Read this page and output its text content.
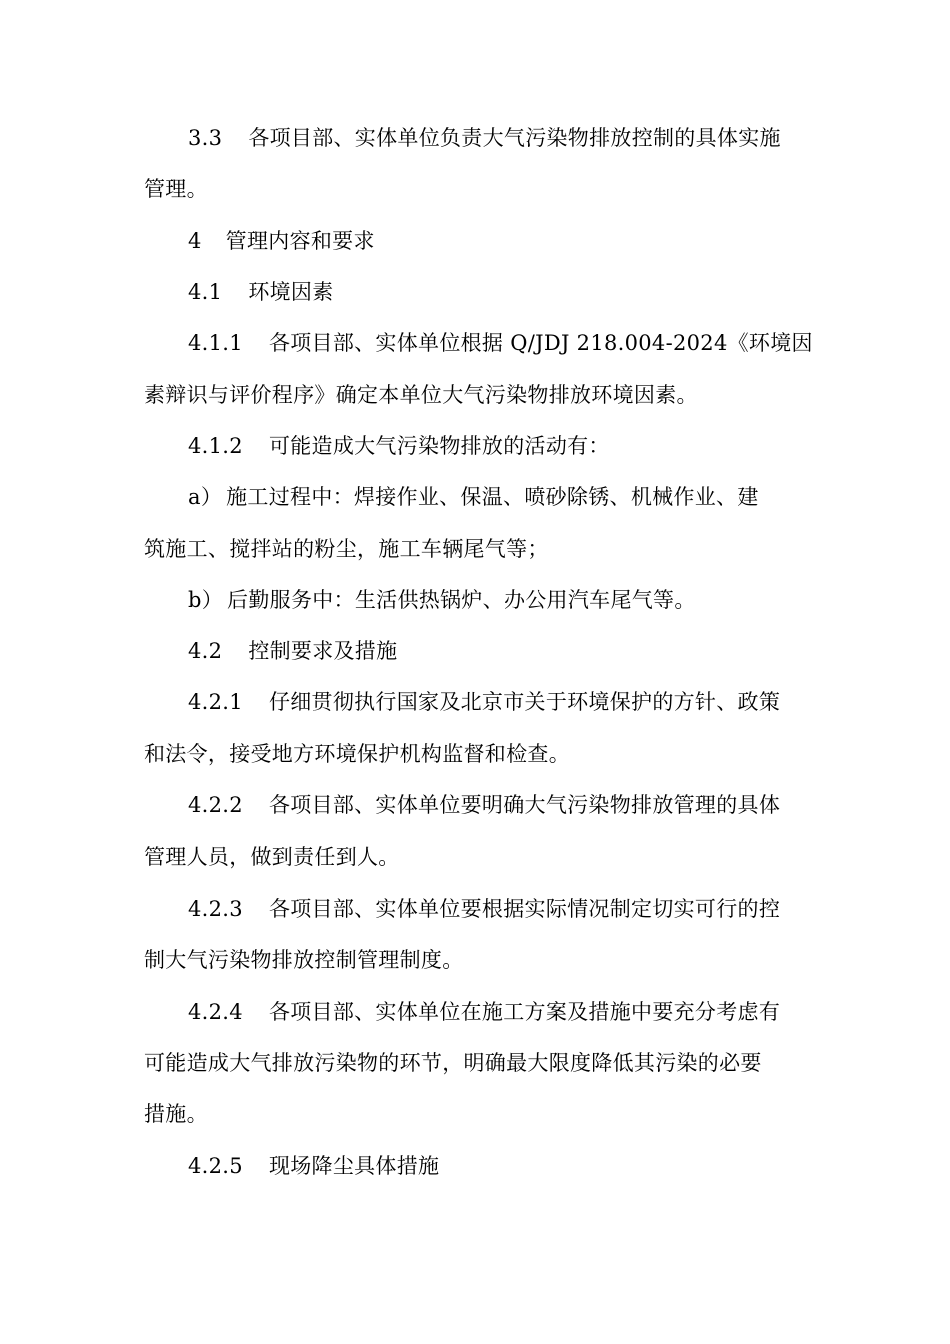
3.3 各项目部、实体单位负责大气污染物排放控制的具体实施
管理。
4 管理内容和要求
4.1 环境因素
4.1.1 各项目部、实体单位根据 Q/JDJ 218.004-2024《环境因
素辩识与评价程序》确定本单位大气污染物排放环境因素。
4.1.2 可能造成大气污染物排放的活动有：
a） 施工过程中：焊接作业、保温、喷砂除锈、机械作业、建
筑施工、搅拌站的粉尘，施工车辆尾气等；
b） 后勤服务中：生活供热锅炉、办公用汽车尾气等。
4.2 控制要求及措施
4.2.1 仔细贯彻执行国家及北京市关于环境保护的方针、政策
和法令，接受地方环境保护机构监督和检查。
4.2.2 各项目部、实体单位要明确大气污染物排放管理的具体
管理人员，做到责任到人。
4.2.3 各项目部、实体单位要根据实际情况制定切实可行的控
制大气污染物排放控制管理制度。
4.2.4 各项目部、实体单位在施工方案及措施中要充分考虑有
可能造成大气排放污染物的环节，明确最大限度降低其污染的必要
措施。
4.2.5 现场降尘具体措施
